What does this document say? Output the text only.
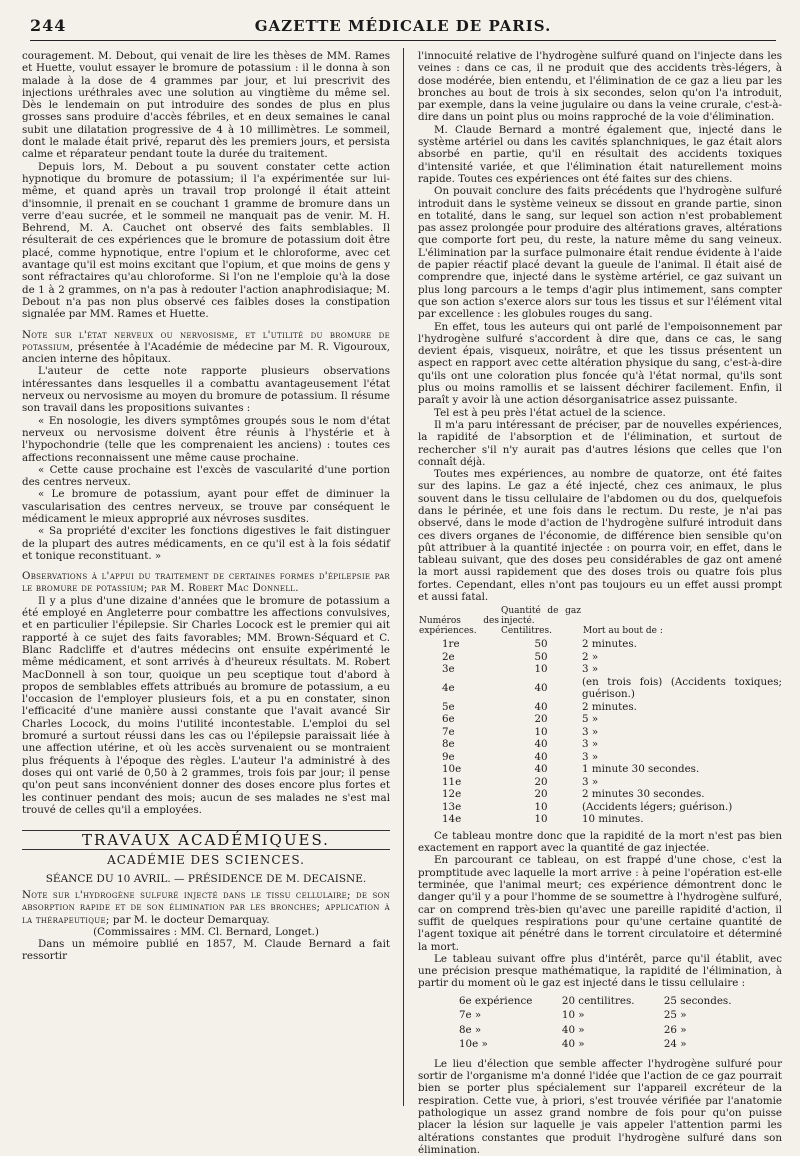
244	GAZETTE MÉDICALE DE PARIS.

couragement. M. Debout, qui venait de lire les thèses de MM. Rames et Huette, voulut essayer le bromure de potassium : il le donna à son malade à la dose de 4 grammes par jour, et lui prescrivit des injections uréthrales avec une solution au vingtième du même sel. Dès le lendemain on put introduire des sondes de plus en plus grosses sans produire d'accès fébriles, et en deux semaines le canal subit une dilatation progressive de 4 à 10 millimètres. Le sommeil, dont le malade était privé, reparut dès les premiers jours, et persista calme et réparateur pendant toute la durée du traitement.

Depuis lors, M. Debout a pu souvent constater cette action hypnotique du bromure de potassium; il l'a expérimentée sur lui-même, et quand après un travail trop prolongé il était atteint d'insomnie, il prenait en se couchant 1 gramme de bromure dans un verre d'eau sucrée, et le sommeil ne manquait pas de venir. M. H. Behrend, M. A. Cauchet ont observé des faits semblables. Il résulterait de ces expériences que le bromure de potassium doit être placé, comme hypnotique, entre l'opium et le chloroforme, avec cet avantage qu'il est moins excitant que l'opium, et que moins de gens y sont réfractaires qu'au chloroforme. Si l'on ne l'emploie qu'à la dose de 1 à 2 grammes, on n'a pas à redouter l'action anaphrodisiaque; M. Debout n'a pas non plus observé ces faibles doses la constipation signalée par MM. Rames et Huette.

Note sur l'état nerveux ou nervosisme, et l'utilité du bromure de potassium, présentée à l'Académie de médecine par M. R. Vigouroux, ancien interne des hôpitaux.

L'auteur de cette note rapporte plusieurs observations intéressantes dans lesquelles il a combattu avantageusement l'état nerveux ou nervosisme au moyen du bromure de potassium. Il résume son travail dans les propositions suivantes :

« En nosologie, les divers symptômes groupés sous le nom d'état nerveux ou nervosisme doivent être réunis à l'hystérie et à l'hypochondrie (telle que les comprenaient les anciens) : toutes ces affections reconnaissent une même cause prochaine.

« Cette cause prochaine est l'excès de vascularité d'une portion des centres nerveux.

« Le bromure de potassium, ayant pour effet de diminuer la vascularisation des centres nerveux, se trouve par conséquent le médicament le mieux approprié aux névroses susdites.

« Sa propriété d'exciter les fonctions digestives le fait distinguer de la plupart des autres médicaments, en ce qu'il est à la fois sédatif et tonique reconstituant. »

Observations à l'appui du traitement de certaines formes d'épilepsie par le bromure de potassium; par M. Robert Mac Donnell.

Il y a plus d'une dizaine d'années que le bromure de potassium a été employé en Angleterre pour combattre les affections convulsives, et en particulier l'épilepsie. Sir Charles Locock est le premier qui ait rapporté à ce sujet des faits favorables; MM. Brown-Séquard et C. Blanc Radcliffe et d'autres médecins ont ensuite expérimenté le même médicament, et sont arrivés à d'heureux résultats. M. Robert MacDonnell à son tour, quoique un peu sceptique tout d'abord à propos de semblables effets attribués au bromure de potassium, a eu l'occasion de l'employer plusieurs fois, et a pu en constater, sinon l'efficacité d'une manière aussi constante que l'avait avancé Sir Charles Locock, du moins l'utilité incontestable. L'emploi du sel bromuré a surtout réussi dans les cas ou l'épilepsie paraissait liée à une affection utérine, et où les accès survenaient ou se montraient plus fréquents à l'époque des règles. L'auteur l'a administré à des doses qui ont varié de 0,50 à 2 grammes, trois fois par jour; il pense qu'on peut sans inconvénient donner des doses encore plus fortes et les continuer pendant des mois; aucun de ses malades ne s'est mal trouvé de celles qu'il a employées.

TRAVAUX ACADÉMIQUES.
ACADÉMIE DES SCIENCES.
SÉANCE DU 10 AVRIL. — PRÉSIDENCE DE M. DECAISNE.

Note sur l'hydrogène sulfuré injecté dans le tissu cellulaire; de son absorption rapide et de son élimination par les bronches; application à la thérapeutique; par M. le docteur Demarquay.

(Commissaires : MM. Cl. Bernard, Longet.)

Dans un mémoire publié en 1857, M. Claude Bernard a fait ressortir

l'innocuité relative de l'hydrogène sulfuré quand on l'injecte dans les veines : dans ce cas, il ne produit que des accidents très-légers, à dose modérée, bien entendu, et l'élimination de ce gaz a lieu par les bronches au bout de trois à six secondes, selon qu'on l'a introduit, par exemple, dans la veine jugulaire ou dans la veine crurale, c'est-à-dire dans un point plus ou moins rapproché de la voie d'élimination.

M. Claude Bernard a montré également que, injecté dans le système artériel ou dans les cavités splanchniques, le gaz était alors absorbé en partie, qu'il en résultait des accidents toxiques d'intensité variée, et que l'élimination était naturellement moins rapide. Toutes ces expériences ont été faites sur des chiens.

On pouvait conclure des faits précédents que l'hydrogène sulfuré introduit dans le système veineux se dissout en grande partie, sinon en totalité, dans le sang, sur lequel son action n'est probablement pas assez prolongée pour produire des altérations graves, altérations que comporte fort peu, du reste, la nature même du sang veineux. L'élimination par la surface pulmonaire était rendue évidente à l'aide de papier réactif placé devant la gueule de l'animal. Il était aisé de comprendre que, injecté dans le système artériel, ce gaz suivant un plus long parcours a le temps d'agir plus intimement, sans compter que son action s'exerce alors sur tous les tissus et sur l'élément vital par excellence : les globules rouges du sang.

En effet, tous les auteurs qui ont parlé de l'empoisonnement par l'hydrogène sulfuré s'accordent à dire que, dans ce cas, le sang devient épais, visqueux, noirâtre, et que les tissus présentent un aspect en rapport avec cette altération physique du sang, c'est-à-dire qu'ils ont une coloration plus foncée qu'à l'état normal, qu'ils sont plus ou moins ramollis et se laissent déchirer facilement. Enfin, il paraît y avoir là une action désorganisatrice assez puissante.

Tel est à peu près l'état actuel de la science.

Il m'a paru intéressant de préciser, par de nouvelles expériences, la rapidité de l'absorption et de l'élimination, et surtout de rechercher s'il n'y aurait pas d'autres lésions que celles que l'on connaît déjà.

Toutes mes expériences, au nombre de quatorze, ont été faites sur des lapins. Le gaz a été injecté, chez ces animaux, le plus souvent dans le tissu cellulaire de l'abdomen ou du dos, quelquefois dans le périnée, et une fois dans le rectum. Du reste, je n'ai pas observé, dans le mode d'action de l'hydrogène sulfuré introduit dans ces divers organes de l'économie, de différence bien sensible qu'on pût attribuer à la quantité injectée : on pourra voir, en effet, dans le tableau suivant, que des doses peu considérables de gaz ont amené la mort aussi rapidement que des doses trois ou quatre fois plus fortes. Cependant, elles n'ont pas toujours eu un effet aussi prompt et aussi fatal.

Numéros des expériences.	Quantité de gaz injecté. Centilitres.	Mort au bout de :
1re	50	2 minutes.
2e	50	2 »
3e	10	3 »
4e	40	(en trois fois) (Accidents toxiques; guérison.)
5e	40	2 minutes.
6e	20	5 »
7e	10	3 »
8e	40	3 »
9e	40	3 »
10e	40	1 minute 30 secondes.
11e	20	3 »
12e	20	2 minutes 30 secondes.
13e	10	(Accidents légers; guérison.)
14e	10	10 minutes.

Ce tableau montre donc que la rapidité de la mort n'est pas bien exactement en rapport avec la quantité de gaz injectée.

En parcourant ce tableau, on est frappé d'une chose, c'est la promptitude avec laquelle la mort arrive : à peine l'opération est-elle terminée, que l'animal meurt; ces expérience démontrent donc le danger qu'il y a pour l'homme de se soumettre à l'hydrogène sulfuré, car on comprend très-bien qu'avec une pareille rapidité d'action, il suffit de quelques respirations pour qu'une certaine quantité de l'agent toxique ait pénétré dans le torrent circulatoire et déterminé la mort.

Le tableau suivant offre plus d'intérêt, parce qu'il établit, avec une précision presque mathématique, la rapidité de l'élimination, à partir du moment où le gaz est injecté dans le tissu cellulaire :

6e expérience	20 centilitres.	25 secondes.
7e »	10 »	25 »
8e »	40 »	26 »
10e »	40 »	24 »

Le lieu d'élection que semble affecter l'hydrogène sulfuré pour sortir de l'organisme m'a donné l'idée que l'action de ce gaz pourrait bien se porter plus spécialement sur l'appareil excréteur de la respiration. Cette vue, à priori, s'est trouvée vérifiée par l'anatomie pathologique un assez grand nombre de fois pour qu'on puisse placer la lésion sur laquelle je vais appeler l'attention parmi les altérations constantes que produit l'hydrogène sulfuré dans son élimination.
